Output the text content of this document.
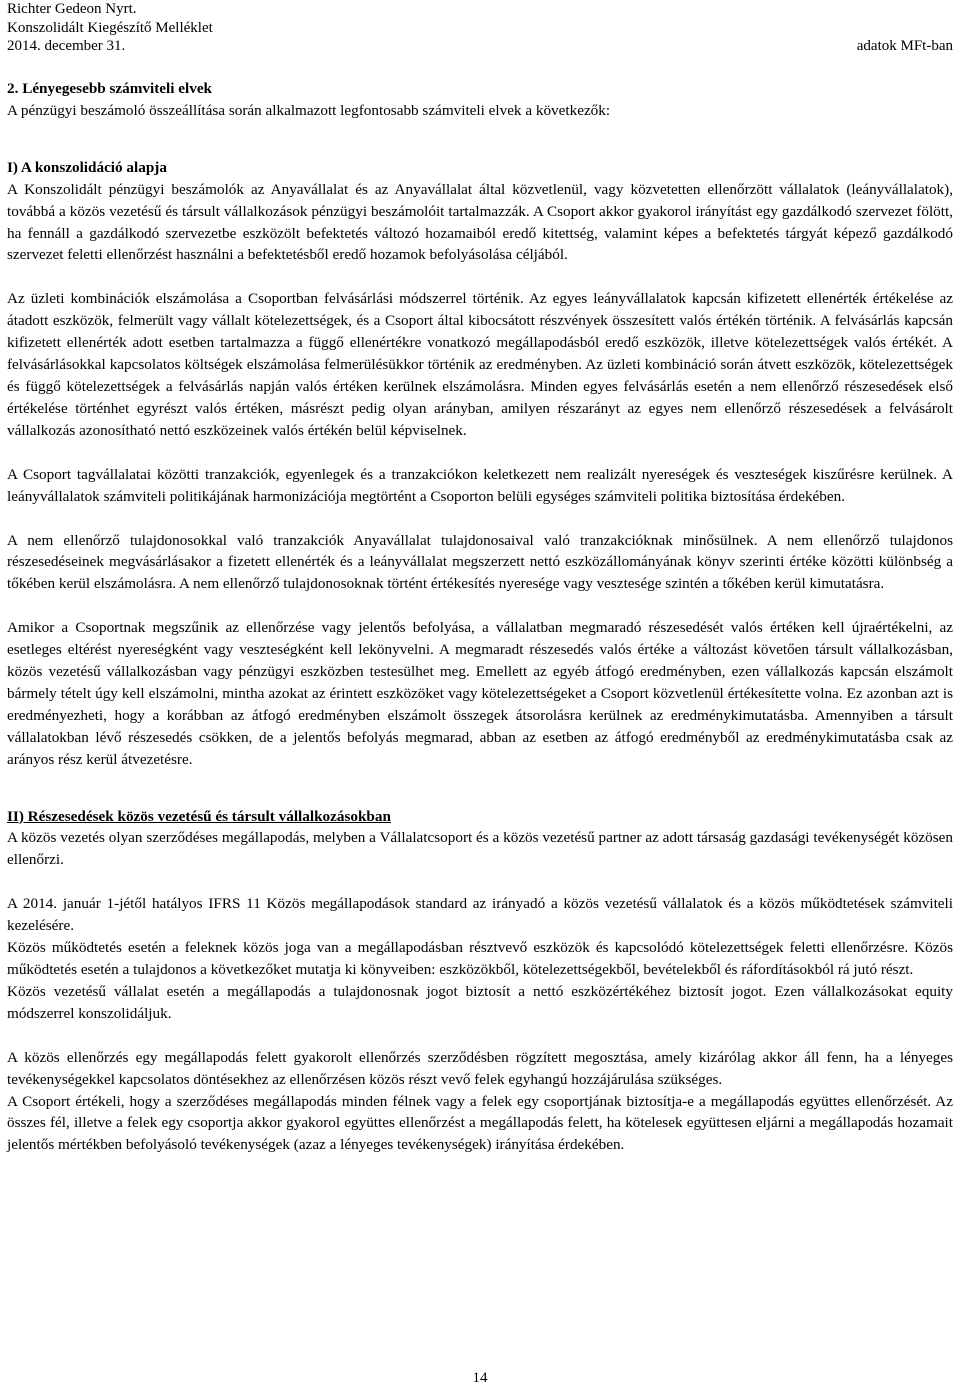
Richter Gedeon Nyrt.
Konszolidált Kiegészítő Melléklet
2014. december 31.	adatok MFt-ban
2. Lényegesebb számviteli elvek

A pénzügyi beszámoló összeállítása során alkalmazott legfontosabb számviteli elvek a következők:

I) A konszolidáció alapja

A Konszolidált pénzügyi beszámolók az Anyavállalat és az Anyavállalat által közvetlenül, vagy közvetetten ellenőrzött vállalatok (leányvállalatok), továbbá a közös vezetésű és társult vállalkozások pénzügyi beszámolóit tartalmazzák. A Csoport akkor gyakorol irányítást egy gazdálkodó szervezet fölött, ha fennáll a gazdálkodó szervezetbe eszközölt befektetés változó hozamaiból eredő kitettség, valamint képes a befektetés tárgyát képező gazdálkodó szervezet feletti ellenőrzést használni a befektetésből eredő hozamok befolyásolása céljából.

Az üzleti kombinációk elszámolása a Csoportban felvásárlási módszerrel történik. Az egyes leányvállalatok kapcsán kifizetett ellenérték értékelése az átadott eszközök, felmerült vagy vállalt kötelezettségek, és a Csoport által kibocsátott részvények összesített valós értékén történik. A felvásárlás kapcsán kifizetett ellenérték adott esetben tartalmazza a függő ellenértékre vonatkozó megállapodásból eredő eszközök, illetve kötelezettségek valós értékét. A felvásárlásokkal kapcsolatos költségek elszámolása felmerülésükkor történik az eredményben. Az üzleti kombináció során átvett eszközök, kötelezettségek és függő kötelezettségek a felvásárlás napján valós értéken kerülnek elszámolásra. Minden egyes felvásárlás esetén a nem ellenőrző részesedések első értékelése történhet egyrészt valós értéken, másrészt pedig olyan arányban, amilyen részarányt az egyes nem ellenőrző részesedések a felvásárolt vállalkozás azonosítható nettó eszközeinek valós értékén belül képviselnek.

A Csoport tagvállalatai közötti tranzakciók, egyenlegek és a tranzakciókon keletkezett nem realizált nyereségek és veszteségek kiszűrésre kerülnek. A leányvállalatok számviteli politikájának harmonizációja megtörtént a Csoporton belüli egységes számviteli politika biztosítása érdekében.

A nem ellenőrző tulajdonosokkal való tranzakciók Anyavállalat tulajdonosaival való tranzakcióknak minősülnek. A nem ellenőrző tulajdonos részesedéseinek megvásárlásakor a fizetett ellenérték és a leányvállalat megszerzett nettó eszközállományának könyv szerinti értéke közötti különbség a tőkében kerül elszámolásra. A nem ellenőrző tulajdonosoknak történt értékesítés nyeresége vagy vesztesége szintén a tőkében kerül kimutatásra.

Amikor a Csoportnak megszűnik az ellenőrzése vagy jelentős befolyása, a vállalatban megmaradó részesedését valós értéken kell újraértékelni, az esetleges eltérést nyereségként vagy veszteségként kell lekönyvelni. A megmaradt részesedés valós értéke a változást követően társult vállalkozásban, közös vezetésű vállalkozásban vagy pénzügyi eszközben testesülhet meg. Emellett az egyéb átfogó eredményben, ezen vállalkozás kapcsán elszámolt bármely tételt úgy kell elszámolni, mintha azokat az érintett eszközöket vagy kötelezettségeket a Csoport közvetlenül értékesítette volna. Ez azonban azt is eredményezheti, hogy a korábban az átfogó eredményben elszámolt összegek átsorolásra kerülnek az eredménykimutatásba. Amennyiben a társult vállalatokban lévő részesedés csökken, de a jelentős befolyás megmarad, abban az esetben az átfogó eredményből az eredménykimutatásba csak az arányos rész kerül átvezetésre.

II) Részesedések közös vezetésű és társult vállalkozásokban

A közös vezetés olyan szerződéses megállapodás, melyben a Vállalatcsoport és a közös vezetésű partner az adott társaság gazdasági tevékenységét közösen ellenőrzi.

A 2014. január 1-jétől hatályos IFRS 11 Közös megállapodások standard az irányadó a közös vezetésű vállalatok és a közös működtetések számviteli kezelésére.

Közös működtetés esetén a feleknek közös joga van a megállapodásban résztvevő eszközök és kapcsolódó kötelezettségek feletti ellenőrzésre. Közös működtetés esetén a tulajdonos a következőket mutatja ki könyveiben: eszközökből, kötelezettségekből, bevételekből és ráfordításokból rá jutó részt.

Közös vezetésű vállalat esetén a megállapodás a tulajdonosnak jogot biztosít a nettó eszközértékéhez biztosít jogot. Ezen vállalkozásokat equity módszerrel konszolidáljuk.

A közös ellenőrzés egy megállapodás felett gyakorolt ellenőrzés szerződésben rögzített megosztása, amely kizárólag akkor áll fenn, ha a lényeges tevékenységekkel kapcsolatos döntésekhez az ellenőrzésen közös részt vevő felek egyhangú hozzájárulása szükséges.

A Csoport értékeli, hogy a szerződéses megállapodás minden félnek vagy a felek egy csoportjának biztosítja-e a megállapodás együttes ellenőrzését. Az összes fél, illetve a felek egy csoportja akkor gyakorol együttes ellenőrzést a megállapodás felett, ha kötelesek együttesen eljárni a megállapodás hozamait jelentős mértékben befolyásoló tevékenységek (azaz a lényeges tevékenységek) irányítása érdekében.

14
